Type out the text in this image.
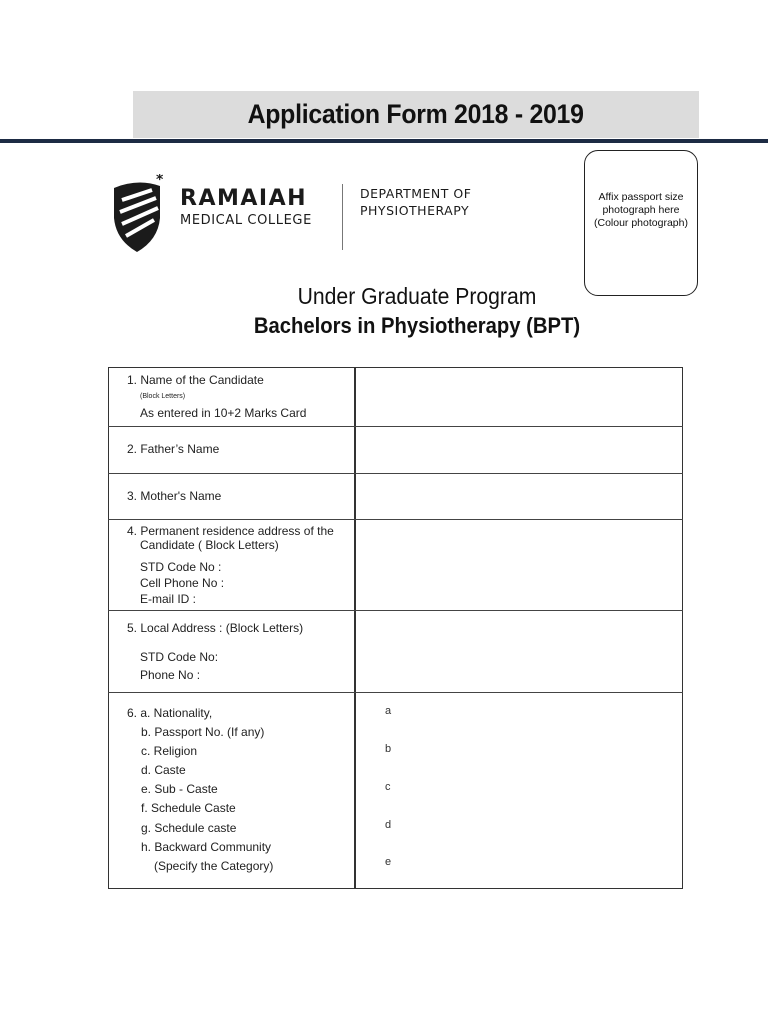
Application Form 2018 - 2019
*
RAMAIAH
MEDICAL COLLEGE
DEPARTMENT OF
PHYSIOTHERAPY
Affix passport size
photograph here
(Colour photograph)
Under Graduate Program
Bachelors in Physiotherapy (BPT)
1. Name of the Candidate
(Block Letters)
As entered in 10+2 Marks Card
2. Father’s Name
3. Mother's Name
4. Permanent residence address of the
Candidate ( Block Letters)
STD Code No :
Cell Phone No :
E-mail ID :
5. Local Address : (Block Letters)
STD Code No:
Phone No :
6. a. Nationality,
b. Passport No. (If any)
c. Religion
d. Caste
e. Sub - Caste
f. Schedule Caste
g. Schedule caste
h. Backward Community
(Specify the Category)
a
b
c
d
e
